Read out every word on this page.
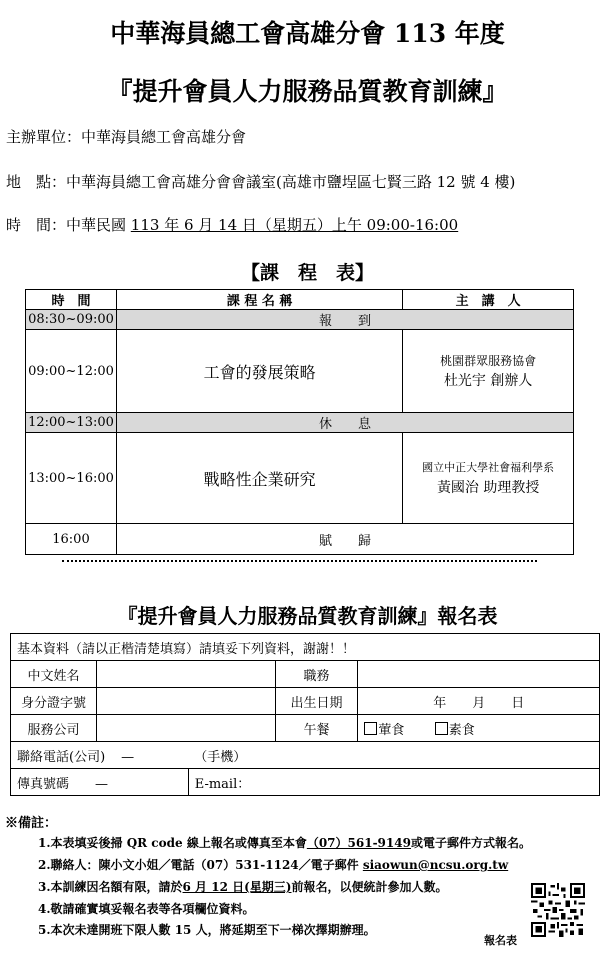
中華海員總工會高雄分會 113 年度
『提升會員人力服務品質教育訓練』
主辦單位：中華海員總工會高雄分會
地　點：中華海員總工會高雄分會會議室(高雄市鹽埕區七賢三路 12 號 4 樓)
時　間：中華民國 113 年 6 月 14 日（星期五）上午 09:00-16:00
【課　程　表】
時　間	課 程 名 稱	主　講　人
08:30~09:00	報　　到	
09:00~12:00	工會的發展策略	桃園群眾服務協會
杜光宇 創辦人

12:00~13:00	休　　息	
13:00~16:00	戰略性企業研究	國立中正大學社會福利學系
黃國治 助理教授

16:00	賦　　歸	
『提升會員人力服務品質教育訓練』報名表
基本資料（請以正楷清楚填寫）請填妥下列資料，謝謝！！				
中文姓名			職務	
身分證字號			出生日期	年　　月　　日
服務公司			午餐	葷食 素食
聯絡電話(公司) —		（手機）		
傳真號碼 —		E-mail：		
※備註：
1.本表填妥後掃 QR code 線上報名或傳真至本會（07）561-9149或電子郵件方式報名。
2.聯絡人：陳小文小姐／電話（07）531-1124／電子郵件 siaowun@ncsu.org.tw
3.本訓練因名額有限，請於6 月 12 日(星期三)前報名，以便統計參加人數。
4.敬請確實填妥報名表等各項欄位資料。
5.本次未達開班下限人數 15 人，將延期至下一梯次擇期辦理。
報名表
